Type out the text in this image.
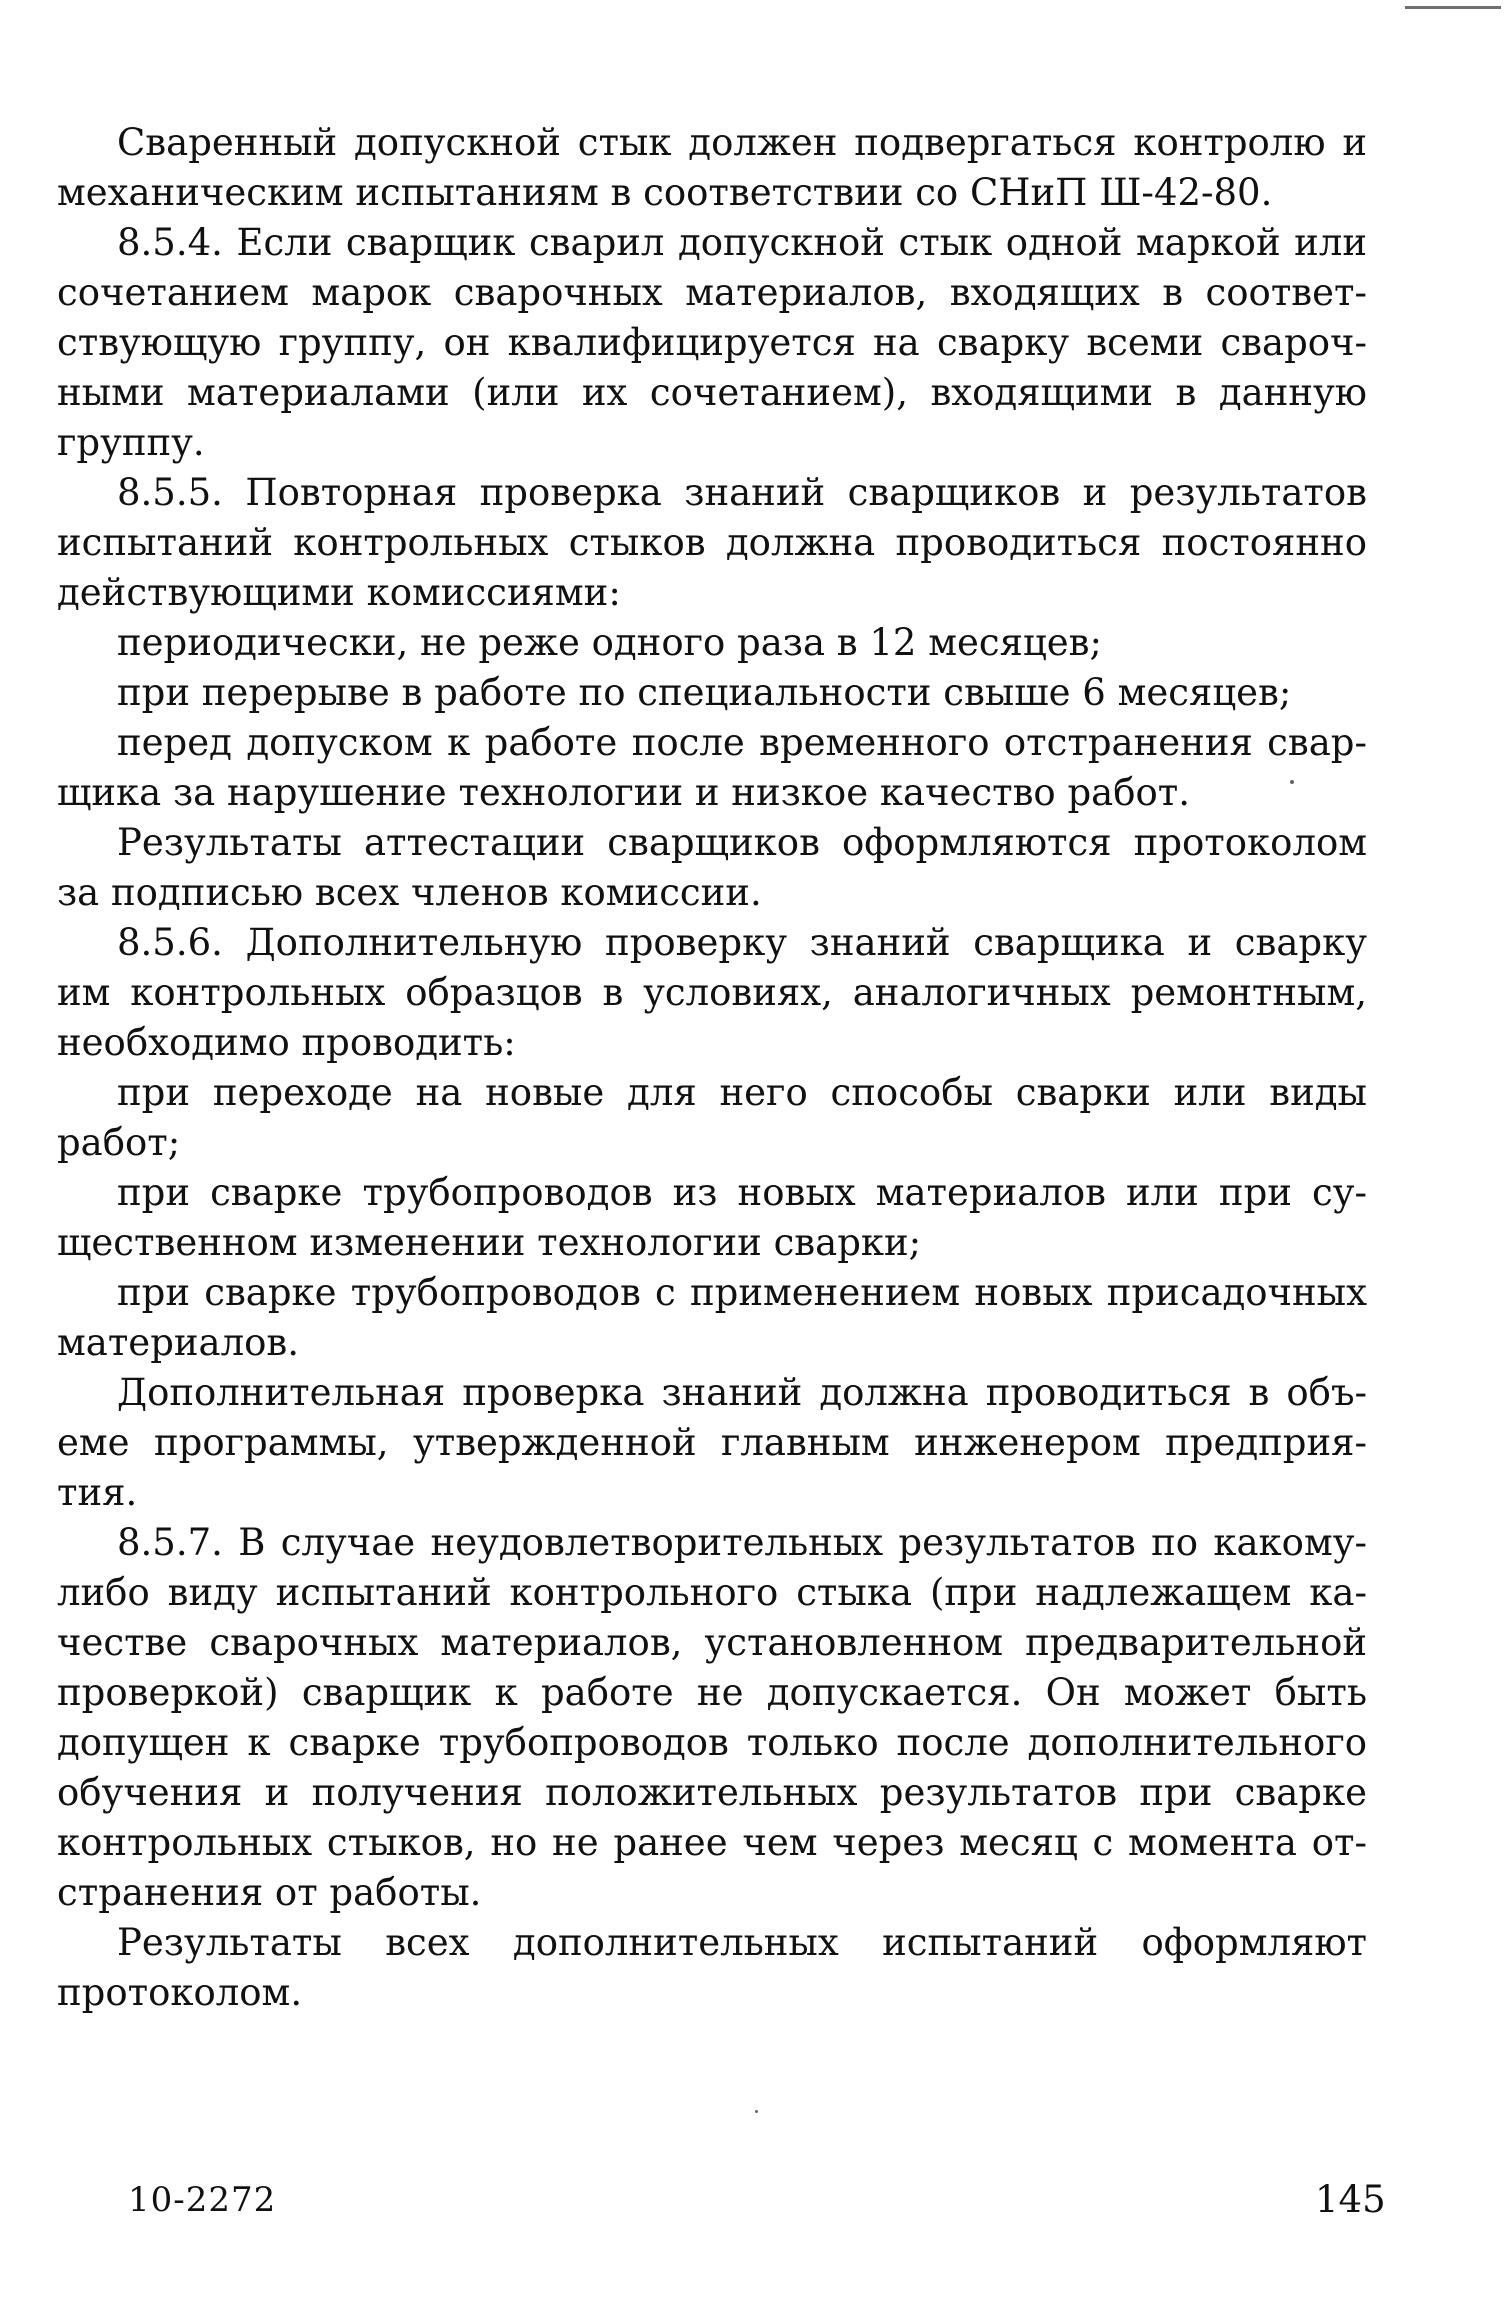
Сваренный допускной стык должен подвергаться контролю и
механическим испытаниям в соответствии со СНиП Ш-42-80.
8.5.4. Если сварщик сварил допускной стык одной маркой или
сочетанием марок сварочных материалов, входящих в соответ-
ствующую группу, он квалифицируется на сварку всеми свароч-
ными материалами (или их сочетанием), входящими в данную
группу.
8.5.5. Повторная проверка знаний сварщиков и результатов
испытаний контрольных стыков должна проводиться постоянно
действующими комиссиями:
периодически, не реже одного раза в 12 месяцев;
при перерыве в работе по специальности свыше 6 месяцев;
перед допуском к работе после временного отстранения свар-
щика за нарушение технологии и низкое качество работ.
Результаты аттестации сварщиков оформляются протоколом
за подписью всех членов комиссии.
8.5.6. Дополнительную проверку знаний сварщика и сварку
им контрольных образцов в условиях, аналогичных ремонтным,
необходимо проводить:
при переходе на новые для него способы сварки или виды
работ;
при сварке трубопроводов из новых материалов или при су-
щественном изменении технологии сварки;
при сварке трубопроводов с применением новых присадочных
материалов.
Дополнительная проверка знаний должна проводиться в объ-
еме программы, утвержденной главным инженером предприя-
тия.
8.5.7. В случае неудовлетворительных результатов по какому-
либо виду испытаний контрольного стыка (при надлежащем ка-
честве сварочных материалов, установленном предварительной
проверкой) сварщик к работе не допускается. Он может быть
допущен к сварке трубопроводов только после дополнительного
обучения и получения положительных результатов при сварке
контрольных стыков, но не ранее чем через месяц с момента от-
странения от работы.
Результаты всех дополнительных испытаний оформляют
протоколом.
10-2272	145
